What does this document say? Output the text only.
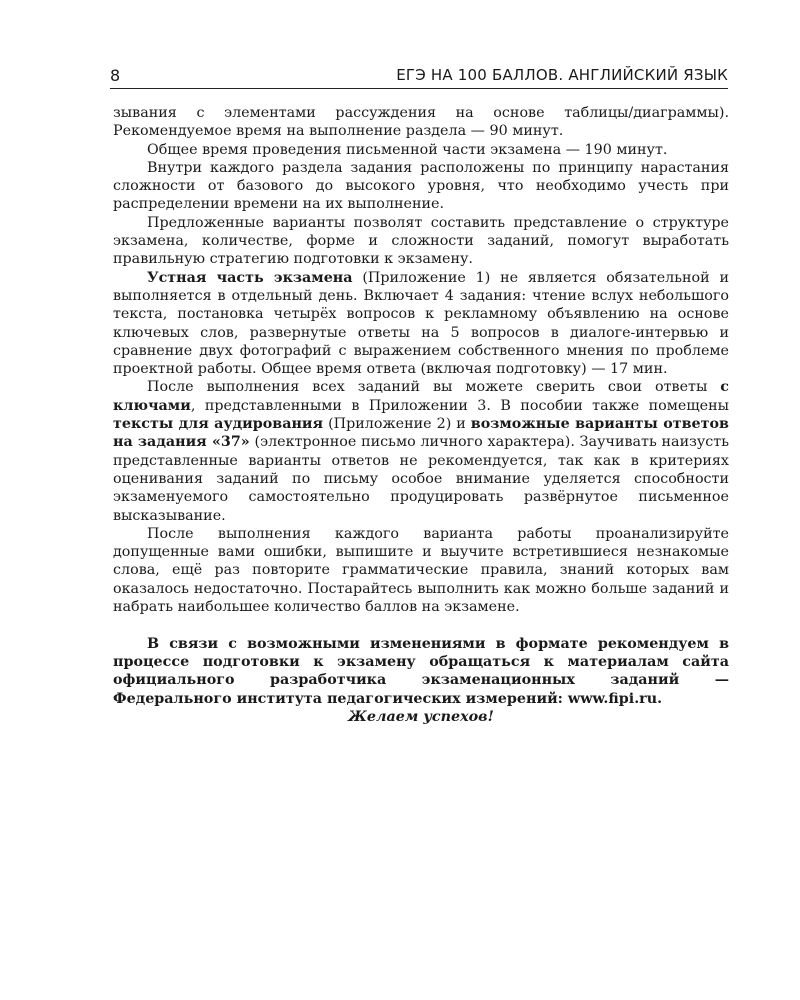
8	ЕГЭ НА 100 БАЛЛОВ. АНГЛИЙСКИЙ ЯЗЫК

зывания с элементами рассуждения на основе таблицы/диаграммы). Рекомендуемое время на выполнение раздела — 90 минут.

Общее время проведения письменной части экзамена — 190 минут.

Внутри каждого раздела задания расположены по принципу нарастания сложности от базового до высокого уровня, что необходимо учесть при распределении времени на их выполнение.

Предложенные варианты позволят составить представление о структуре экзамена, количестве, форме и сложности заданий, помогут выработать правильную стратегию подготовки к экзамену.

Устная часть экзамена (Приложение 1) не является обязательной и выполняется в отдельный день. Включает 4 задания: чтение вслух небольшого текста, постановка четырёх вопросов к рекламному объявлению на основе ключевых слов, развернутые ответы на 5 вопросов в диалоге-интервью и сравнение двух фотографий с выражением собственного мнения по проблеме проектной работы. Общее время ответа (включая подготовку) — 17 мин.

После выполнения всех заданий вы можете сверить свои ответы с ключами, представленными в Приложении 3. В пособии также помещены тексты для аудирования (Приложение 2) и возможные варианты ответов на задания «37» (электронное письмо личного характера). Заучивать наизусть представленные варианты ответов не рекомендуется, так как в критериях оценивания заданий по письму особое внимание уделяется способности экзаменуемого самостоятельно продуцировать развёрнутое письменное высказывание.

После выполнения каждого варианта работы проанализируйте допущенные вами ошибки, выпишите и выучите встретившиеся незнакомые слова, ещё раз повторите грамматические правила, знаний которых вам оказалось недостаточно. Постарайтесь выполнить как можно больше заданий и набрать наибольшее количество баллов на экзамене.

В связи с возможными изменениями в формате рекомендуем в процессе подготовки к экзамену обращаться к материалам сайта официального разработчика экзаменационных заданий — Федерального института педагогических измерений: www.fipi.ru.

Желаем успехов!
